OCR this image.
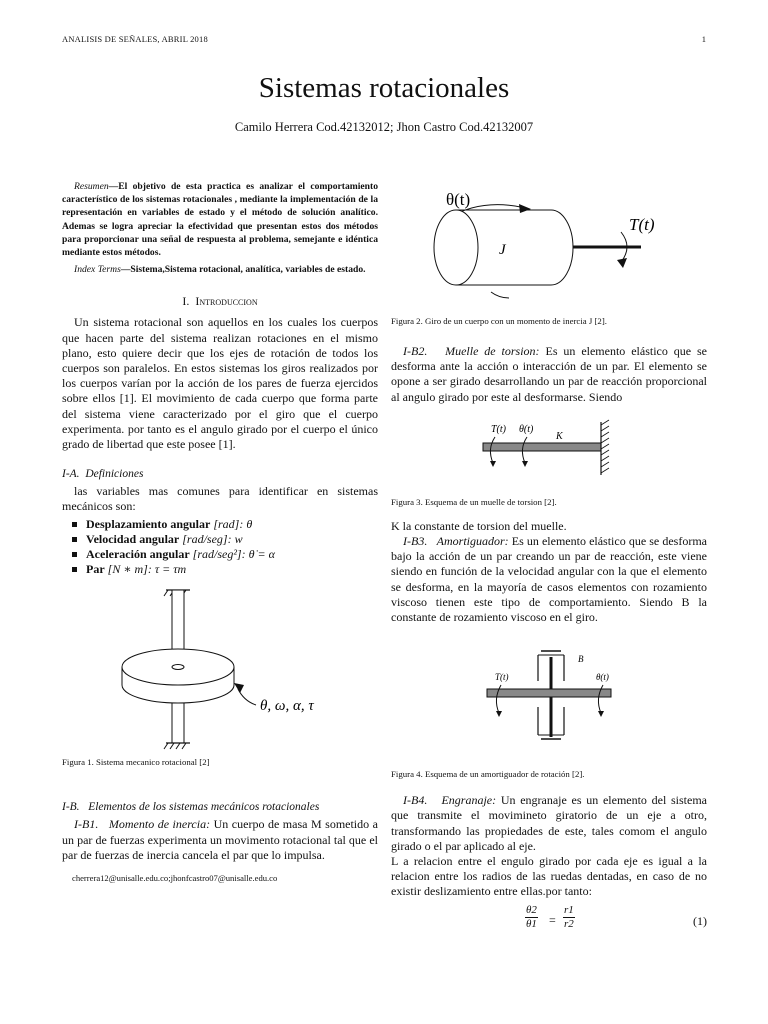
ANALISIS DE SEÑALES, ABRIL 2018	1
Sistemas rotacionales
Camilo Herrera Cod.42132012; Jhon Castro Cod.42132007

Resumen—El objetivo de esta practica es analizar el comportamiento característico de los sistemas rotacionales , mediante la implementación de la representación en variables de estado y el método de solución analítico. Ademas se logra apreciar la efectividad que presentan estos dos métodos para proporcionar una señal de respuesta al problema, semejante e idéntica mediante estos métodos.

Index Terms—Sistema,Sistema rotacional, analítica, variables de estado.

I. Introduccion

Un sistema rotacional son aquellos en los cuales los cuerpos que hacen parte del sistema realizan rotaciones en el mismo plano, esto quiere decir que los ejes de rotación de todos los cuerpos son paralelos. En estos sistemas los giros realizados por los cuerpos varían por la acción de los pares de fuerza ejercidos sobre ellos [1]. El movimiento de cada cuerpo que forma parte del sistema viene caracterizado por el giro que el cuerpo experimenta. por tanto es el angulo girado por el cuerpo el único grado de libertad que este posee [1].

I-A. Definiciones

las variables mas comunes para identificar en sistemas mecánicos son:

Desplazamiento angular [rad]: θ
Velocidad angular [rad/seg]: w
Aceleración angular [rad/seg²]: θ̇ = α
Par [N ∗ m]: τ = τm
θ, ω, α, τ

Figura 1. Sistema mecanico rotacional [2]

I-B. Elementos de los sistemas mecánicos rotacionales

I-B1. Momento de inercia: Un cuerpo de masa M sometido a un par de fuerzas experimenta un movimento rotacional tal que el par de fuerzas de inercia cancela el par que lo impulsa.

cherrera12@unisalle.edu.co;jhonfcastro07@unisalle.edu.co
θ(t)
J
T(t)

Figura 2. Giro de un cuerpo con un momento de inercia J [2].

I-B2. Muelle de torsion: Es un elemento elástico que se desforma ante la acción o interacción de un par. El elemento se opone a ser girado desarrollando un par de reacción proporcional al angulo girado por este al desformarse. Siendo

T(t) θ(t)
K

Figura 3. Esquema de un muelle de torsion [2].

K la constante de torsion del muelle.

I-B3. Amortiguador: Es un elemento elástico que se desforma bajo la acción de un par creando un par de reacción, este viene siendo en función de la velocidad angular con la que el elemento se desforma, en la mayoría de casos elementos con rozamiento viscoso tienen este tipo de comportamiento. Siendo B la constante de rozamiento viscoso en el giro.

B
T(t)	θ(t)

Figura 4. Esquema de un amortiguador de rotación [2].

I-B4. Engranaje: Un engranaje es un elemento del sistema que transmite el movimineto giratorio de un eje a otro, transformando las propiedades de este, tales comom el angulo girado o el par aplicado al eje.

L a relacion entre el engulo girado por cada eje es igual a la relacion entre los radios de las ruedas dentadas, en caso de no existir deslizamiento entre ellas.por tanto:

$\frac{\theta 2}{\theta 1} = \frac{r1}{r2}$	(1)
